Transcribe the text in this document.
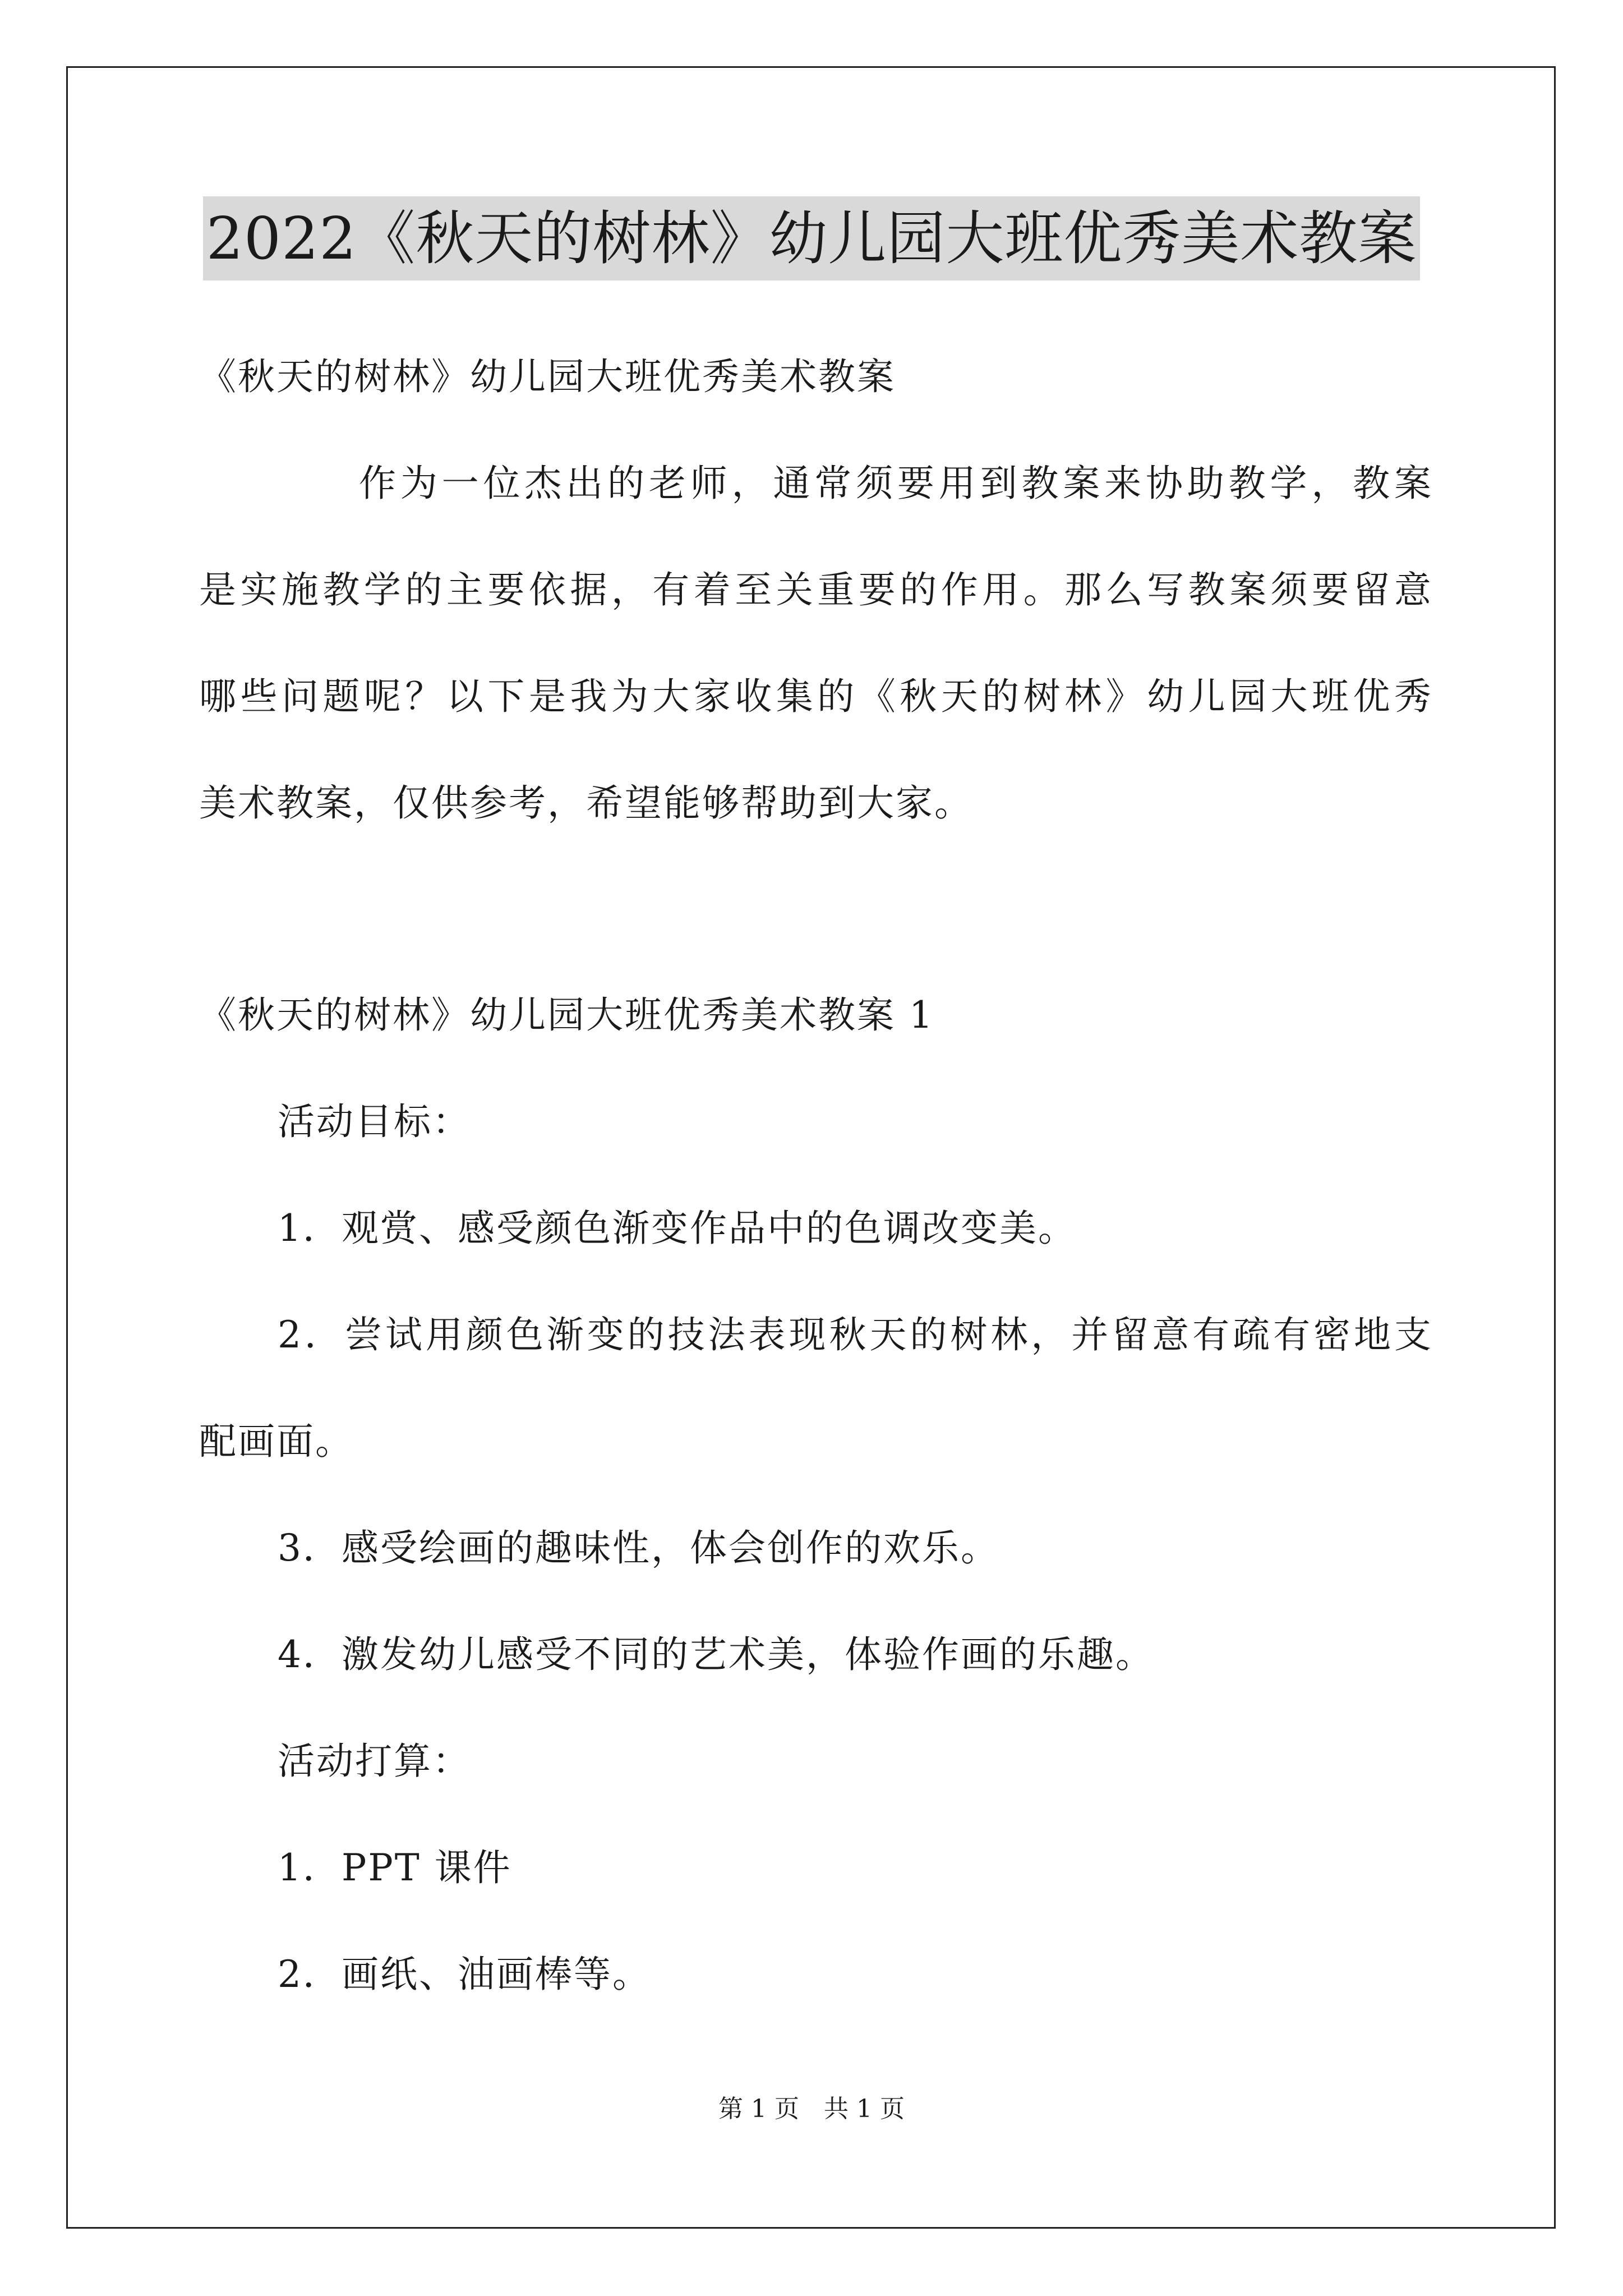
2022《秋天的树林》幼儿园大班优秀美术教案
《秋天的树林》幼儿园大班优秀美术教案
作为一位杰出的老师，通常须要用到教案来协助教学，教案
是实施教学的主要依据，有着至关重要的作用。那么写教案须要留意
哪些问题呢？以下是我为大家收集的《秋天的树林》幼儿园大班优秀
美术教案，仅供参考，希望能够帮助到大家。
《秋天的树林》幼儿园大班优秀美术教案 1
活动目标：
1．观赏、感受颜色渐变作品中的色调改变美。
2．尝试用颜色渐变的技法表现秋天的树林，并留意有疏有密地支
配画面。
3．感受绘画的趣味性，体会创作的欢乐。
4．激发幼儿感受不同的艺术美，体验作画的乐趣。
活动打算：
1．PPT 课件
2．画纸、油画棒等。
第 1 页　共 1 页
